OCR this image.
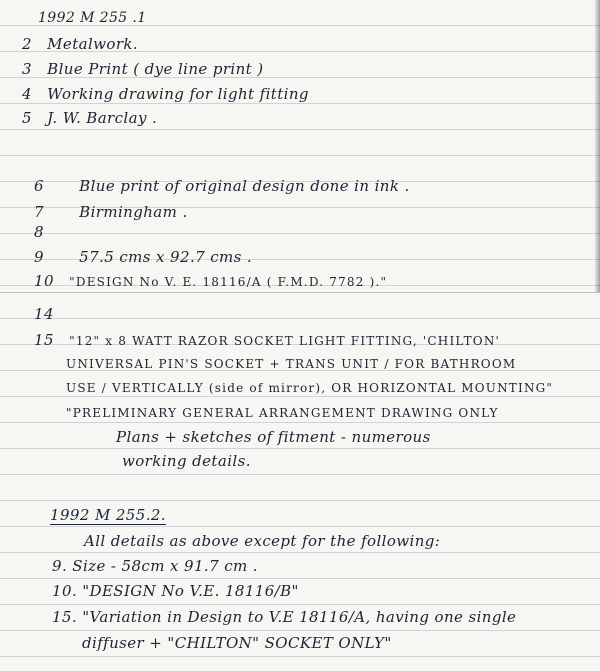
1992 M 255 .1
2 Metalwork.
3 Blue Print ( dye line print )
4 Working drawing for light fitting
5 J. W. Barclay .
6 Blue print of original design done in ink .
7 Birmingham .
8
9 57.5 cms x 92.7 cms .
10 "DESIGN No V. E. 18116/A ( F.M.D. 7782 )."
14
15 "12" x 8 WATT RAZOR SOCKET LIGHT FITTING, 'CHILTON'
UNIVERSAL PIN'S SOCKET + TRANS UNIT / FOR BATHROOM
USE / VERTICALLY (side of mirror), OR HORIZONTAL MOUNTING"
"PRELIMINARY GENERAL ARRANGEMENT DRAWING ONLY
Plans + sketches of fitment - numerous
working details.
1992 M 255.2.
All details as above except for the following:
9. Size - 58cm x 91.7 cm .
10. "DESIGN No V.E. 18116/B"
15. "Variation in Design to V.E 18116/A, having one single
diffuser + "CHILTON" SOCKET ONLY"
